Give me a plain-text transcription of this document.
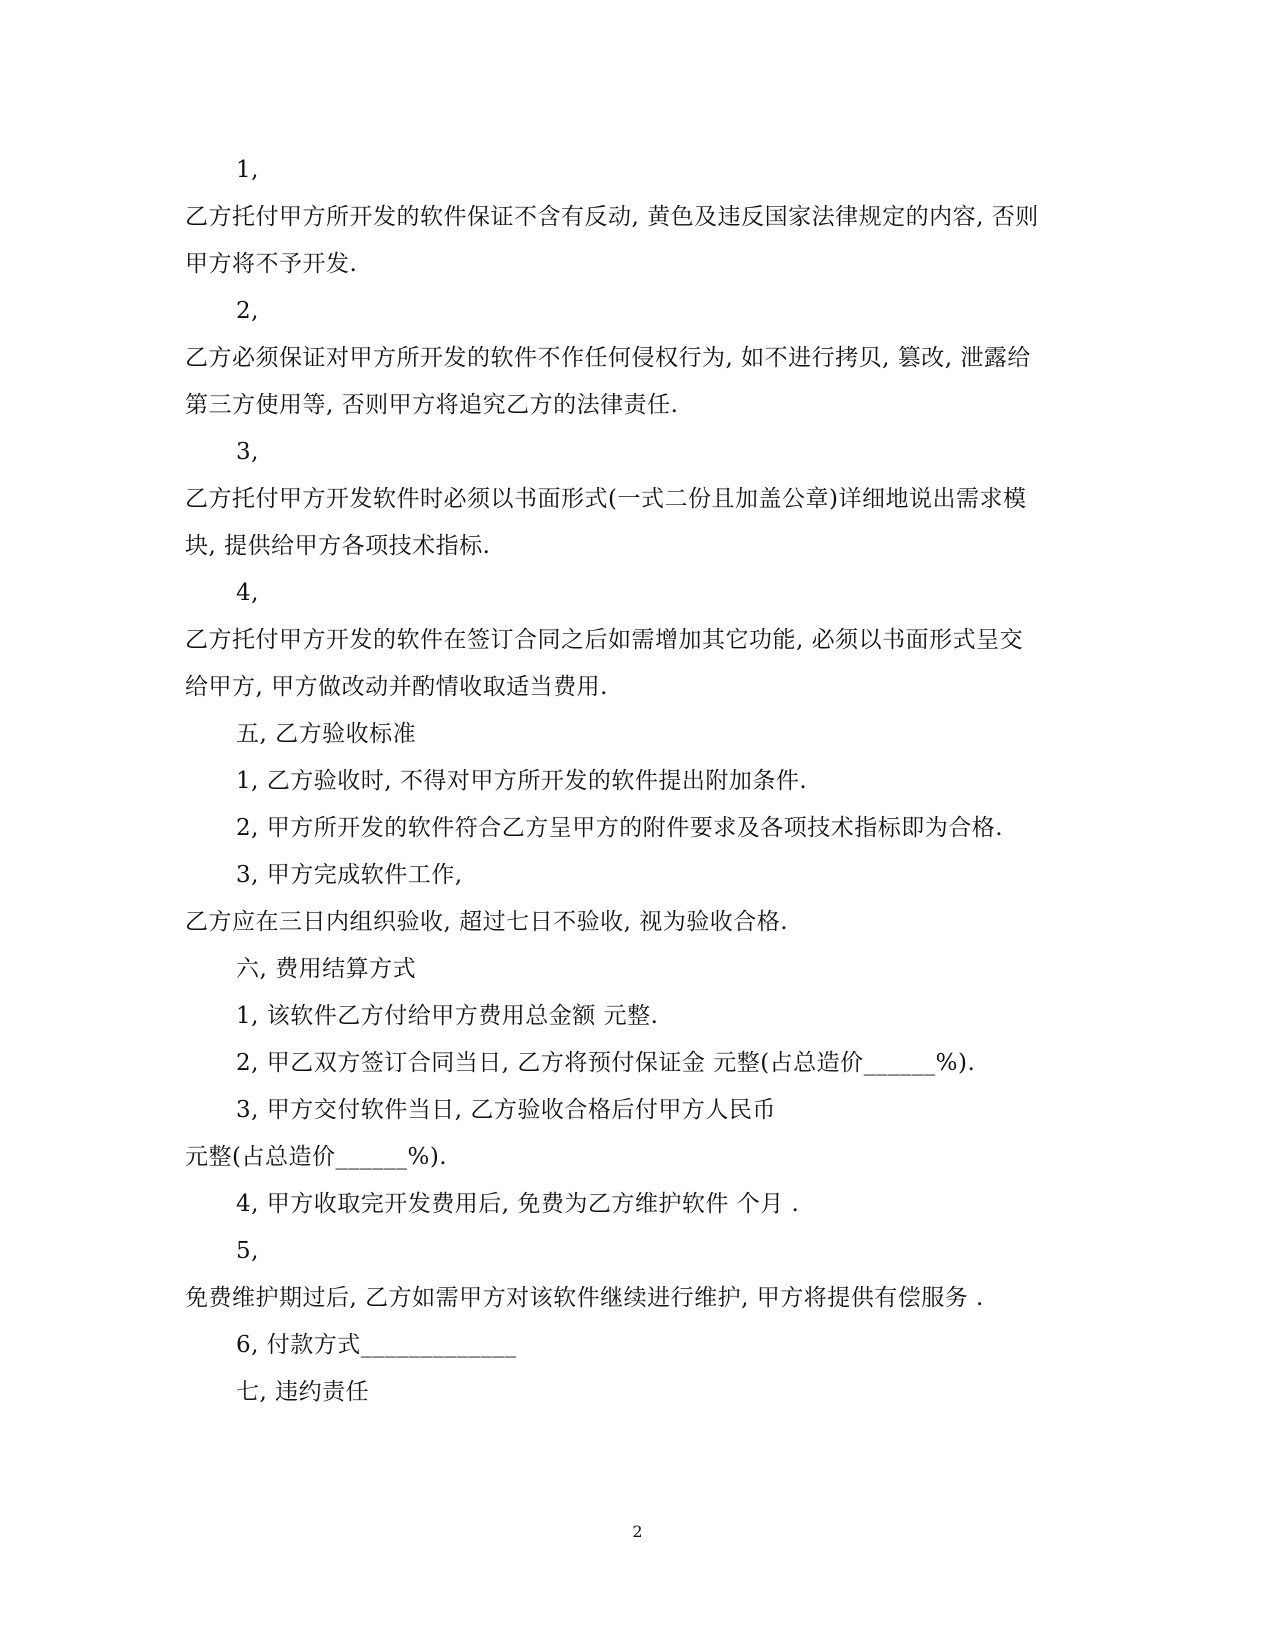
1,
乙方托付甲方所开发的软件保证不含有反动, 黄色及违反国家法律规定的内容, 否则
甲方将不予开发.
2,
乙方必须保证对甲方所开发的软件不作任何侵权行为, 如不进行拷贝, 篡改, 泄露给
第三方使用等, 否则甲方将追究乙方的法律责任.
3,
乙方托付甲方开发软件时必须以书面形式(一式二份且加盖公章)详细地说出需求模
块, 提供给甲方各项技术指标.
4,
乙方托付甲方开发的软件在签订合同之后如需增加其它功能, 必须以书面形式呈交
给甲方, 甲方做改动并酌情收取适当费用.
五, 乙方验收标准
1, 乙方验收时, 不得对甲方所开发的软件提出附加条件.
2, 甲方所开发的软件符合乙方呈甲方的附件要求及各项技术指标即为合格.
3, 甲方完成软件工作,
乙方应在三日内组织验收, 超过七日不验收, 视为验收合格.
六, 费用结算方式
1, 该软件乙方付给甲方费用总金额 元整.
2, 甲乙双方签订合同当日, 乙方将预付保证金 元整(占总造价______%).
3, 甲方交付软件当日, 乙方验收合格后付甲方人民币
元整(占总造价______%).
4, 甲方收取完开发费用后, 免费为乙方维护软件 个月 .
5,
免费维护期过后, 乙方如需甲方对该软件继续进行维护, 甲方将提供有偿服务 .
6, 付款方式_____________
七, 违约责任
2
